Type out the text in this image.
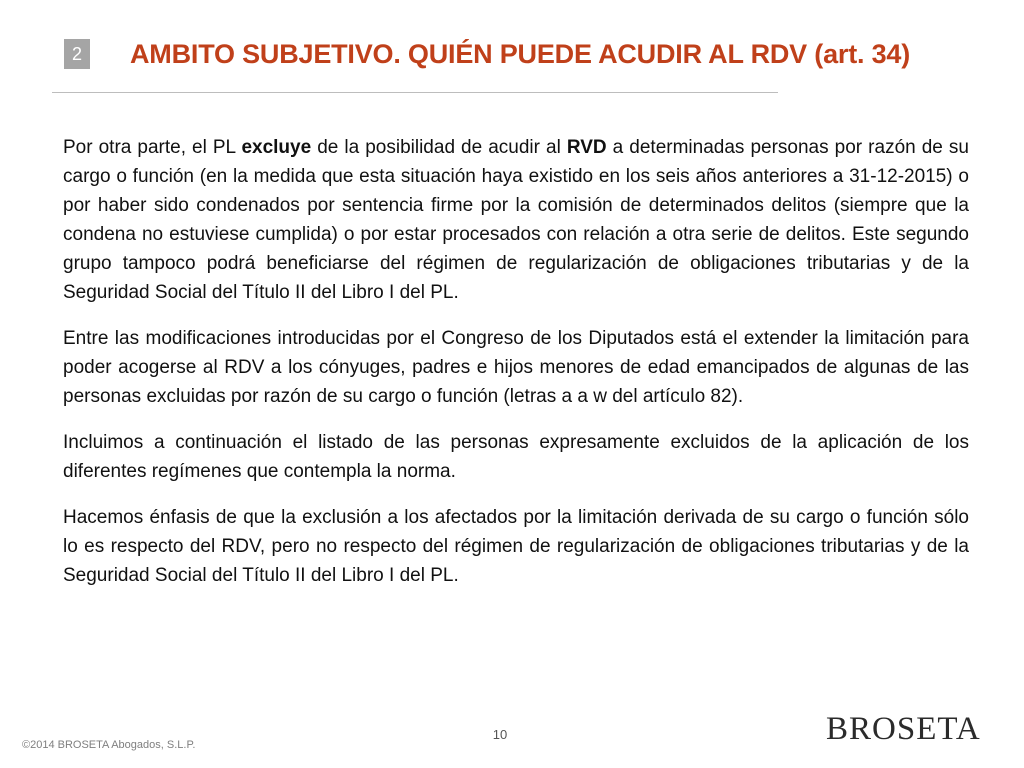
2 AMBITO SUBJETIVO. QUIÉN PUEDE ACUDIR AL RDV (art. 34)

Por otra parte, el PL excluye de la posibilidad de acudir al RVD a determinadas personas por razón de su cargo o función (en la medida que esta situación haya existido en los seis años anteriores a 31-12-2015) o por haber sido condenados por sentencia firme por la comisión de determinados delitos (siempre que la condena no estuviese cumplida) o por estar procesados con relación a otra serie de delitos. Este segundo grupo tampoco podrá beneficiarse del régimen de regularización de obligaciones tributarias y de la Seguridad Social del Título II del Libro I del PL.

Entre las modificaciones introducidas por el Congreso de los Diputados está el extender la limitación para poder acogerse al RDV a los cónyuges, padres e hijos menores de edad emancipados de algunas de las personas excluidas por razón de su cargo o función (letras a a w del artículo 82).

Incluimos a continuación el listado de las personas expresamente excluidos de la aplicación de los diferentes regímenes que contempla la norma.

Hacemos énfasis de que la exclusión a los afectados por la limitación derivada de su cargo o función sólo lo es respecto del RDV, pero no respecto del régimen de regularización de obligaciones tributarias y de la Seguridad Social del Título II del Libro I del PL.

©2014 BROSETA Abogados, S.L.P.
10	BROSETA
